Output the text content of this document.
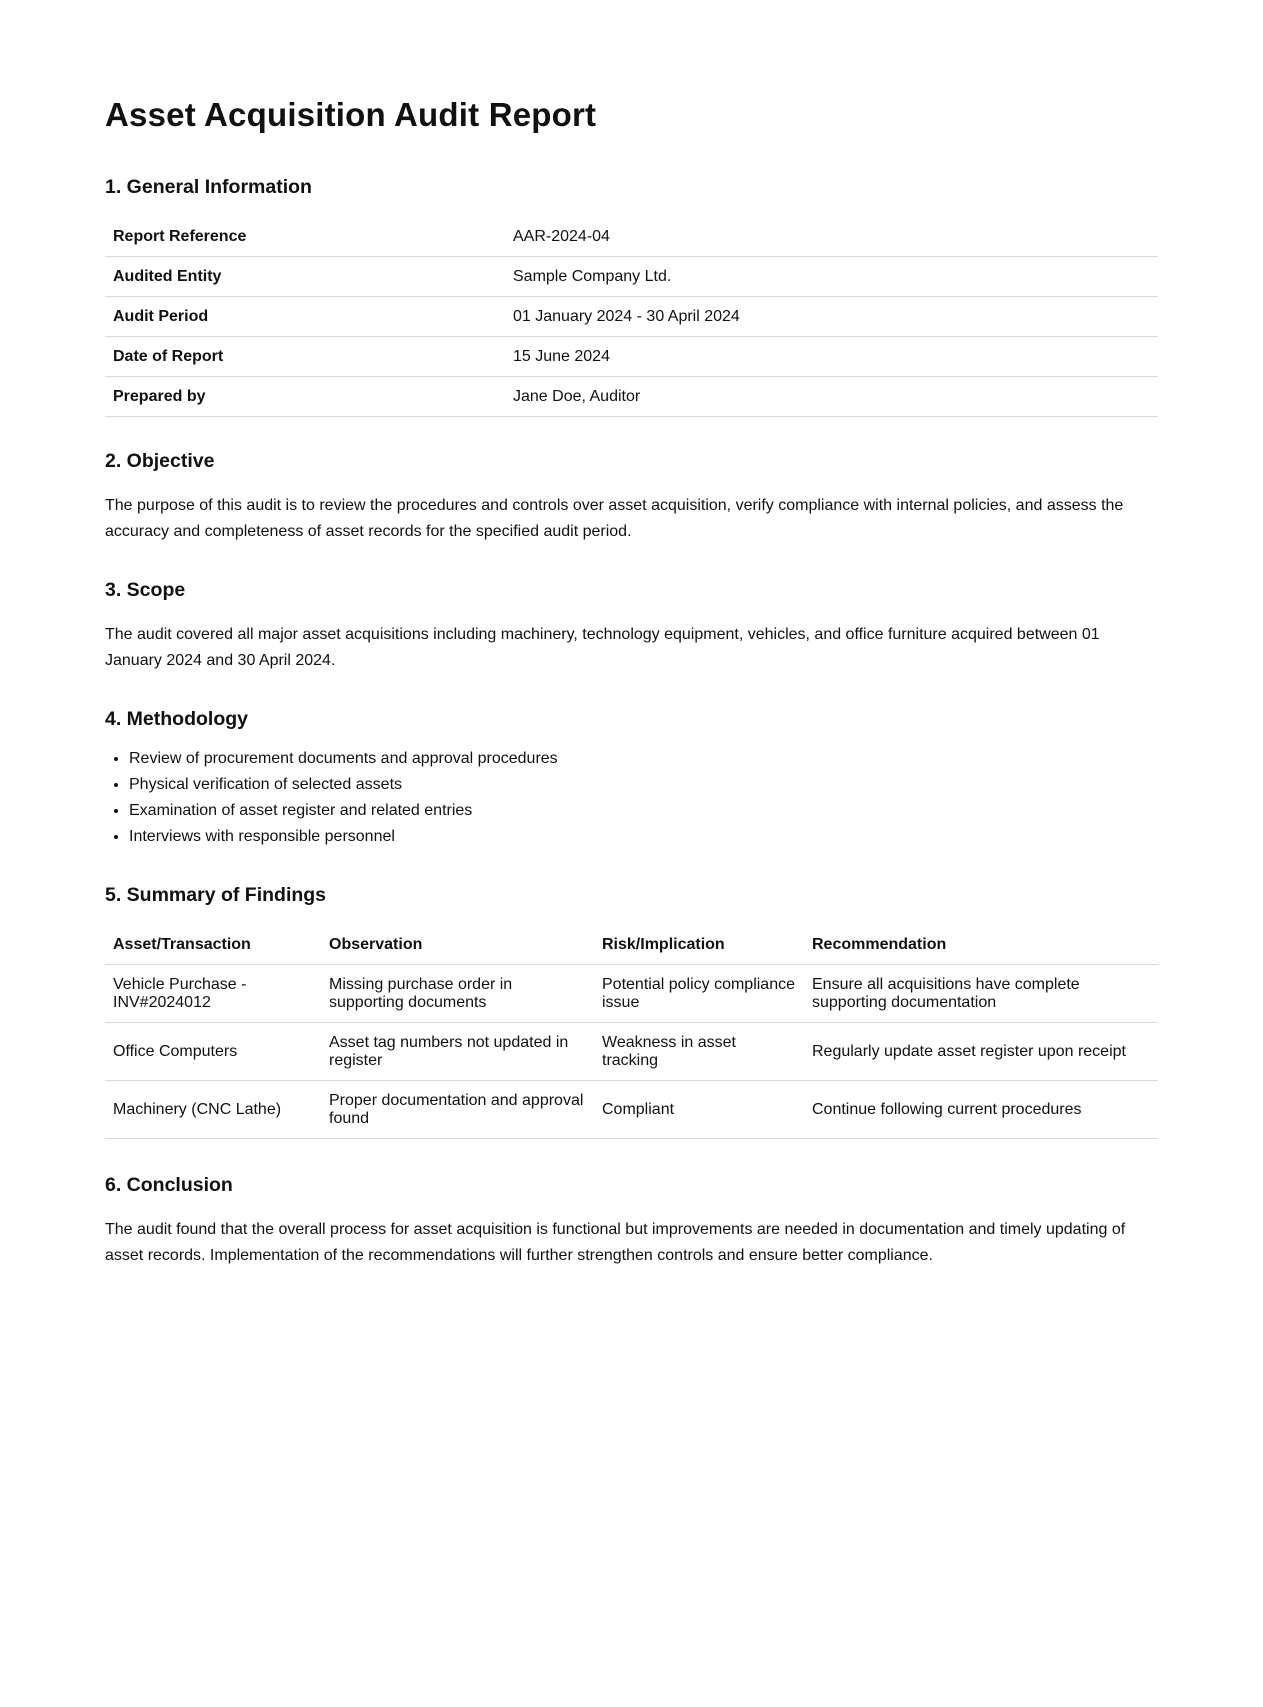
Asset Acquisition Audit Report
1. General Information
Report Reference	AAR-2024-04
Audited Entity	Sample Company Ltd.
Audit Period	01 January 2024 - 30 April 2024
Date of Report	15 June 2024
Prepared by	Jane Doe, Auditor
2. Objective

The purpose of this audit is to review the procedures and controls over asset acquisition, verify compliance with internal policies, and assess the accuracy and completeness of asset records for the specified audit period.

3. Scope

The audit covered all major asset acquisitions including machinery, technology equipment, vehicles, and office furniture acquired between 01 January 2024 and 30 April 2024.

4. Methodology
• Review of procurement documents and approval procedures
• Physical verification of selected assets
• Examination of asset register and related entries
• Interviews with responsible personnel
5. Summary of Findings
Asset/Transaction	Observation	Risk/Implication	Recommendation
Vehicle Purchase - INV#2024012	Missing purchase order in supporting documents	Potential policy compliance issue	Ensure all acquisitions have complete supporting documentation
Office Computers	Asset tag numbers not updated in register	Weakness in asset tracking	Regularly update asset register upon receipt
Machinery (CNC Lathe)	Proper documentation and approval found	Compliant	Continue following current procedures
6. Conclusion

The audit found that the overall process for asset acquisition is functional but improvements are needed in documentation and timely updating of asset records. Implementation of the recommendations will further strengthen controls and ensure better compliance.
